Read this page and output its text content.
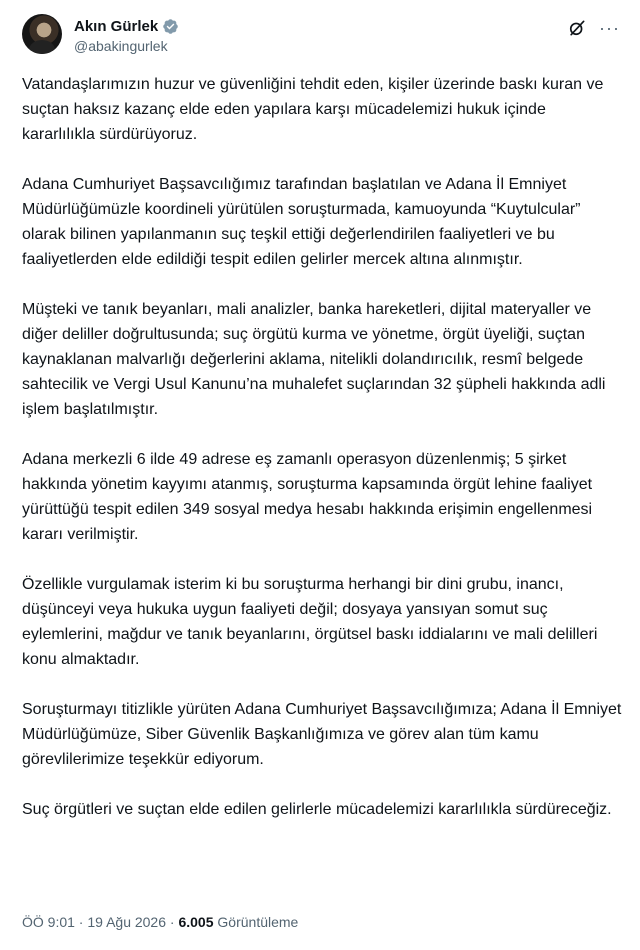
Akın Gürlek
@abakingurlek
···

Vatandaşlarımızın huzur ve güvenliğini tehdit eden, kişiler üzerinde baskı kuran ve suçtan haksız kazanç elde eden yapılara karşı mücadelemizi hukuk içinde kararlılıkla sürdürüyoruz.

Adana Cumhuriyet Başsavcılığımız tarafından başlatılan ve Adana İl Emniyet Müdürlüğümüzle koordineli yürütülen soruşturmada, kamuoyunda “Kuytulcular” olarak bilinen yapılanmanın suç teşkil ettiği değerlendirilen faaliyetleri ve bu faaliyetlerden elde edildiği tespit edilen gelirler mercek altına alınmıştır.

Müşteki ve tanık beyanları, mali analizler, banka hareketleri, dijital materyaller ve diğer deliller doğrultusunda; suç örgütü kurma ve yönetme, örgüt üyeliği, suçtan kaynaklanan malvarlığı değerlerini aklama, nitelikli dolandırıcılık, resmî belgede sahtecilik ve Vergi Usul Kanunu’na muhalefet suçlarından 32 şüpheli hakkında adli işlem başlatılmıştır.

Adana merkezli 6 ilde 49 adrese eş zamanlı operasyon düzenlenmiş; 5 şirket hakkında yönetim kayyımı atanmış, soruşturma kapsamında örgüt lehine faaliyet yürüttüğü tespit edilen 349 sosyal medya hesabı hakkında erişimin engellenmesi kararı verilmiştir.

Özellikle vurgulamak isterim ki bu soruşturma herhangi bir dini grubu, inancı, düşünceyi veya hukuka uygun faaliyeti değil; dosyaya yansıyan somut suç eylemlerini, mağdur ve tanık beyanlarını, örgütsel baskı iddialarını ve mali delilleri konu almaktadır.

Soruşturmayı titizlikle yürüten Adana Cumhuriyet Başsavcılığımıza; Adana İl Emniyet Müdürlüğümüze, Siber Güvenlik Başkanlığımıza ve görev alan tüm kamu görevlilerimize teşekkür ediyorum.

Suç örgütleri ve suçtan elde edilen gelirlerle mücadelemizi kararlılıkla sürdüreceğiz.

ÖÖ 9:01 · 19 Ağu 2026 · 6.005 Görüntüleme
